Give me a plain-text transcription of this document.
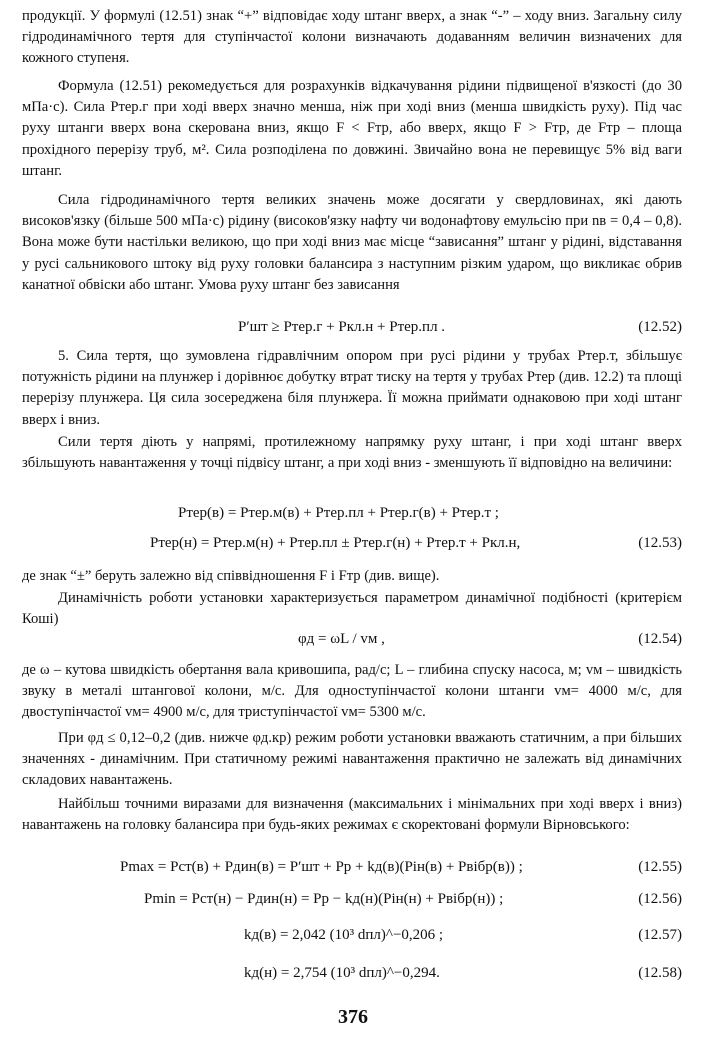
продукції. У формулі (12.51) знак “+” відповідає ходу штанг вверх, а знак “-” – ходу вниз. Загальну силу гідродинамічного тертя для ступінчастої колони визначають додаванням величин визначених для кожного ступеня.

Формула (12.51) рекомедується для розрахунків відкачування рідини підвищеної в'язкості (до 30 мПа·с). Сила Pтер.г при ході вверх значно менша, ніж при ході вниз (менша швидкість руху). Під час руху штанги вверх вона скерована вниз, якщо F < Fтр, або вверх, якщо F > Fтр, де Fтр – площа прохідного перерізу труб, м². Сила розподілена по довжині. Звичайно вона не перевищує 5% від ваги штанг.

Сила гідродинамічного тертя великих значень може досягати у свердловинах, які дають високов'язку (більше 500 мПа·с) рідину (високов'язку нафту чи водонафтову емульсію при nв = 0,4 – 0,8). Вона може бути настільки великою, що при ході вниз має місце “зависання” штанг у рідині, відставання у русі сальникового штоку від руху головки балансира з наступним різким ударом, що викликає обрив канатної обвіски або штанг. Умова руху штанг без зависання

P′шт ≥ Pтер.г + Pкл.н + Pтер.пл .	(12.52)

5. Сила тертя, що зумовлена гідравлічним опором при русі рідини у трубах Pтер.т, збільшує потужність рідини на плунжер і дорівнює добутку втрат тиску на тертя у трубах Pтер (див. 12.2) та площі перерізу плунжера. Ця сила зосереджена біля плунжера. Її можна приймати однаковою при ході штанг вверх і вниз.

Сили тертя діють у напрямі, протилежному напрямку руху штанг, і при ході штанг вверх збільшують навантаження у точці підвісу штанг, а при ході вниз - зменшують її відповідно на величини:

Pтер(в) = Pтер.м(в) + Pтер.пл + Pтер.г(в) + Pтер.т ;
Pтер(н) = Pтер.м(н) + Pтер.пл ± Pтер.г(н) + Pтер.т + Pкл.н,	(12.53)

де знак “±” беруть залежно від співвідношення F і Fтр (див. вище).

Динамічність роботи установки характеризується параметром динамічної подібності (критерієм Коші)

φд = ωL / vм ,	(12.54)

де ω – кутова швидкість обертання вала кривошипа, рад/с; L – глибина спуску насоса, м; vм – швидкість звуку в металі штангової колони, м/с. Для одноступінчастої колони штанги vм= 4000 м/с, для двоступінчастої vм= 4900 м/с, для триступінчастої vм= 5300 м/с.

При φд ≤ 0,12–0,2 (див. нижче φд.кр) режим роботи установки вважають статичним, а при більших значеннях - динамічним. При статичному режимі навантаження практично не залежать від динамічних складових навантажень.

Найбільш точними виразами для визначення (максимальних і мінімальних при ході вверх і вниз) навантажень на головку балансира при будь-яких режимах є скоректовані формули Вірновського:

Pmax = Pст(в) + Pдин(в) = P′шт + Pр + kд(в)(Pін(в) + Pвібр(в)) ;	(12.55)
Pmin = Pст(н) − Pдин(н) = Pр − kд(н)(Pін(н) + Pвібр(н)) ;	(12.56)
kд(в) = 2,042 (10³ dпл)^−0,206 ;	(12.57)
kд(н) = 2,754 (10³ dпл)^−0,294.	(12.58)
376
